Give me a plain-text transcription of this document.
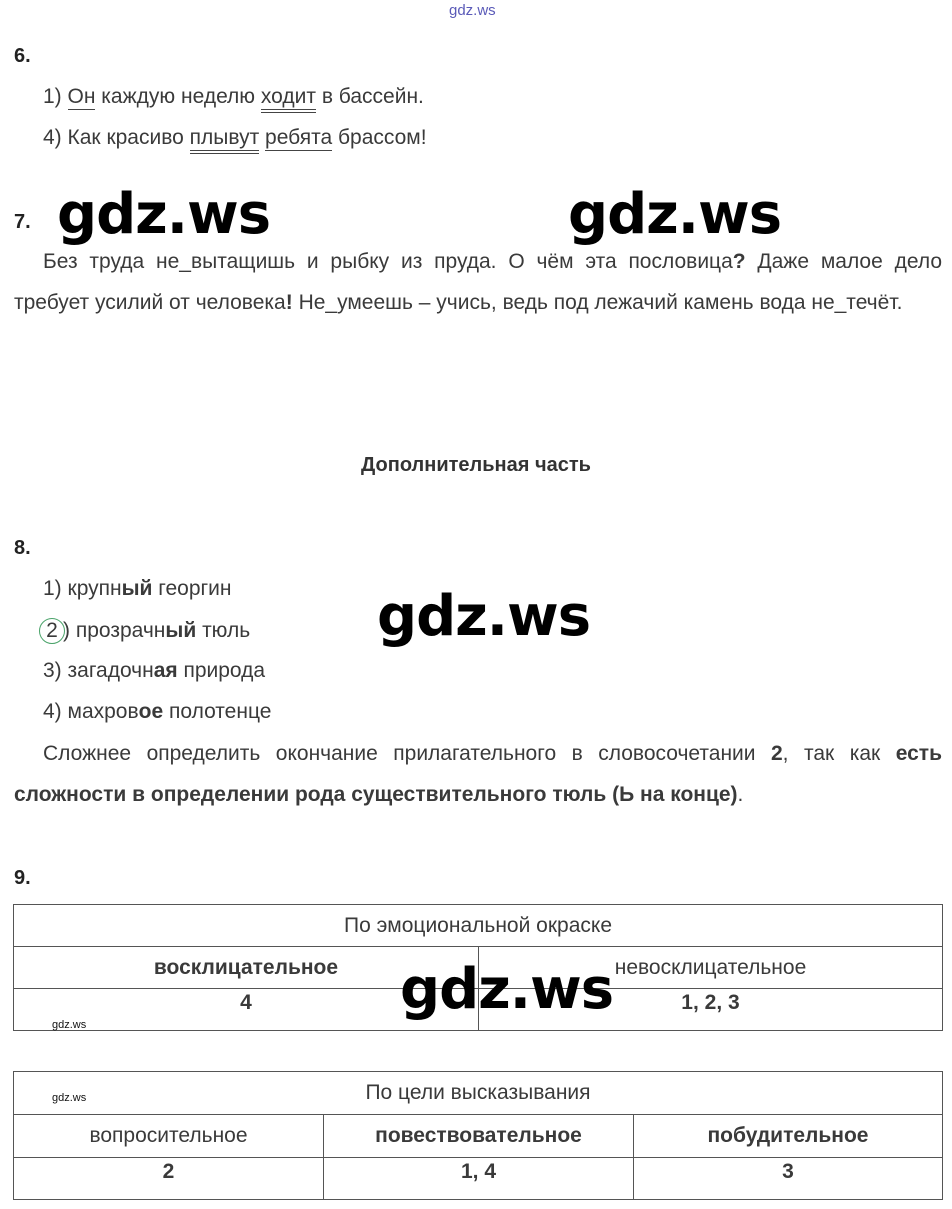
gdz.ws
6.
1) Он каждую неделю ходит в бассейн.
4) Как красиво плывут ребята брассом!
7. gdz.ws	gdz.ws
Без труда не_вытащишь и рыбку из пруда. О чём эта пословица? Даже малое дело требует усилий от человека! Не_умеешь – учись, ведь под лежачий камень вода не_течёт.
Дополнительная часть
8.
1) крупный георгин
2 ) прозрачный тюль
3) загадочная природа
4) махровое полотенце
gdz.ws
Сложнее определить окончание прилагательного в словосочетании 2, так как есть сложности в определении рода существительного тюль (Ь на конце).
9.
По эмоциональной окраске	
восклицательное	невосклицательное
4	1, 2, 3
gdz.ws
gdz.ws
По цели высказывания		
вопросительное	повествовательное	побудительное
2	1, 4	3
gdz.ws
